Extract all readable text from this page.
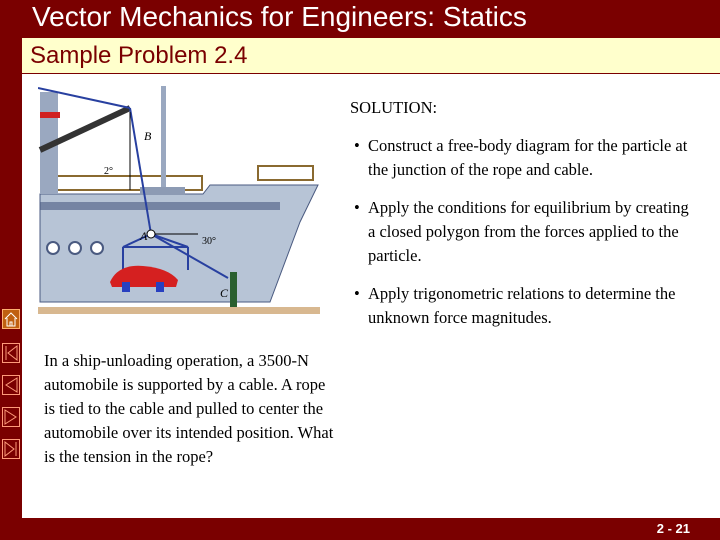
Vector Mechanics for Engineers: Statics
Sample Problem 2.4
B
A
C
2°
30°
In a ship-unloading operation, a 3500-N automobile is supported by a cable. A rope is tied to the cable and pulled to center the automobile over its intended position. What is the tension in the rope?
SOLUTION:
• Construct a free-body diagram for the particle at the junction of the rope and cable.
• Apply the conditions for equilibrium by creating a closed polygon from the forces applied to the particle.
• Apply trigonometric relations to determine the unknown force magnitudes.
2 - 21
